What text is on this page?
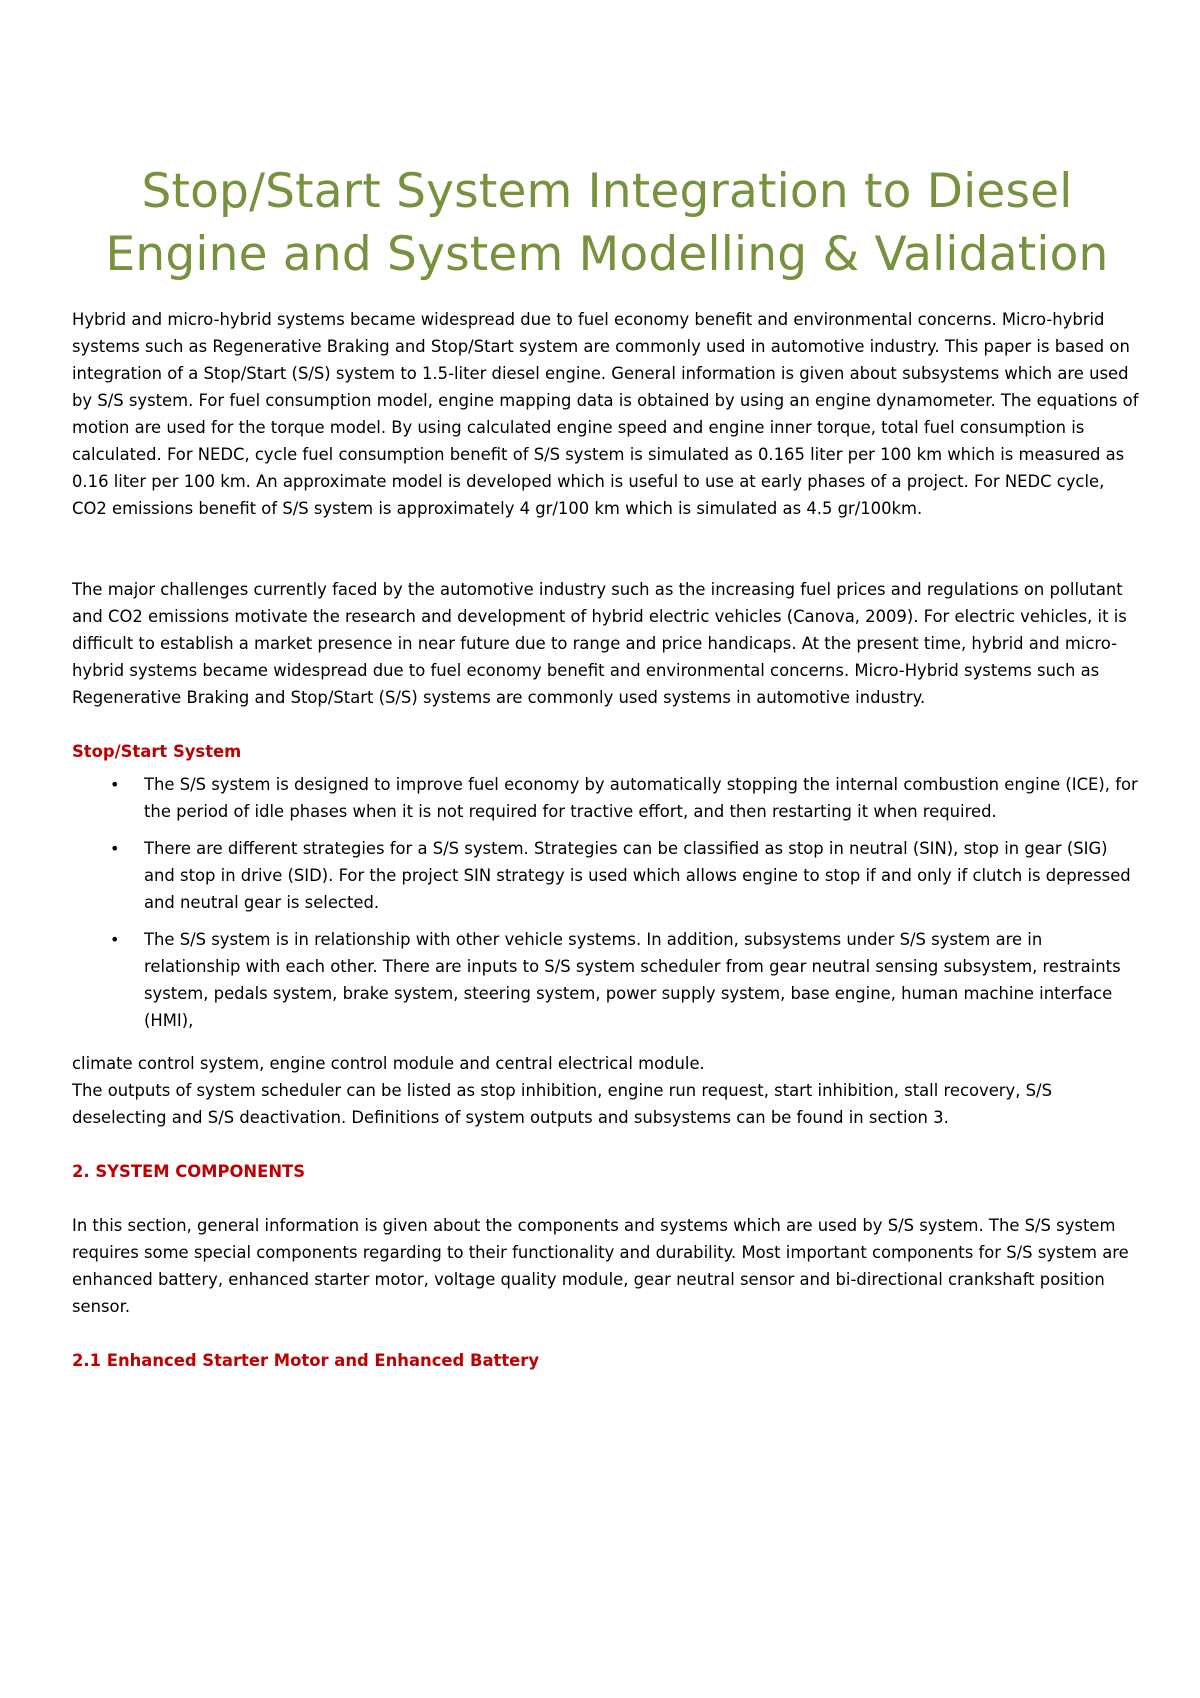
Stop/Start System Integration to Diesel Engine and System Modelling & Validation

Hybrid and micro-hybrid systems became widespread due to fuel economy benefit and environmental concerns. Micro-hybrid systems such as Regenerative Braking and Stop/Start system are commonly used in automotive industry. This paper is based on integration of a Stop/Start (S/S) system to 1.5-liter diesel engine. General information is given about subsystems which are used by S/S system. For fuel consumption model, engine mapping data is obtained by using an engine dynamometer. The equations of motion are used for the torque model. By using calculated engine speed and engine inner torque, total fuel consumption is calculated. For NEDC, cycle fuel consumption benefit of S/S system is simulated as 0.165 liter per 100 km which is measured as 0.16 liter per 100 km. An approximate model is developed which is useful to use at early phases of a project. For NEDC cycle, CO2 emissions benefit of S/S system is approximately 4 gr/100 km which is simulated as 4.5 gr/100km.

The major challenges currently faced by the automotive industry such as the increasing fuel prices and regulations on pollutant and CO2 emissions motivate the research and development of hybrid electric vehicles (Canova, 2009). For electric vehicles, it is difficult to establish a market presence in near future due to range and price handicaps. At the present time, hybrid and micro-hybrid systems became widespread due to fuel economy benefit and environmental concerns. Micro-Hybrid systems such as Regenerative Braking and Stop/Start (S/S) systems are commonly used systems in automotive industry.

Stop/Start System

• The S/S system is designed to improve fuel economy by automatically stopping the internal combustion engine (ICE), for the period of idle phases when it is not required for tractive effort, and then restarting it when required.
• There are different strategies for a S/S system. Strategies can be classified as stop in neutral (SIN), stop in gear (SIG) and stop in drive (SID). For the project SIN strategy is used which allows engine to stop if and only if clutch is depressed and neutral gear is selected.
• The S/S system is in relationship with other vehicle systems. In addition, subsystems under S/S system are in relationship with each other. There are inputs to S/S system scheduler from gear neutral sensing subsystem, restraints system, pedals system, brake system, steering system, power supply system, base engine, human machine interface (HMI),

climate control system, engine control module and central electrical module.

The outputs of system scheduler can be listed as stop inhibition, engine run request, start inhibition, stall recovery, S/S deselecting and S/S deactivation. Definitions of system outputs and subsystems can be found in section 3.

2. SYSTEM COMPONENTS

In this section, general information is given about the components and systems which are used by S/S system. The S/S system requires some special components regarding to their functionality and durability. Most important components for S/S system are enhanced battery, enhanced starter motor, voltage quality module, gear neutral sensor and bi-directional crankshaft position sensor.

2.1 Enhanced Starter Motor and Enhanced Battery
